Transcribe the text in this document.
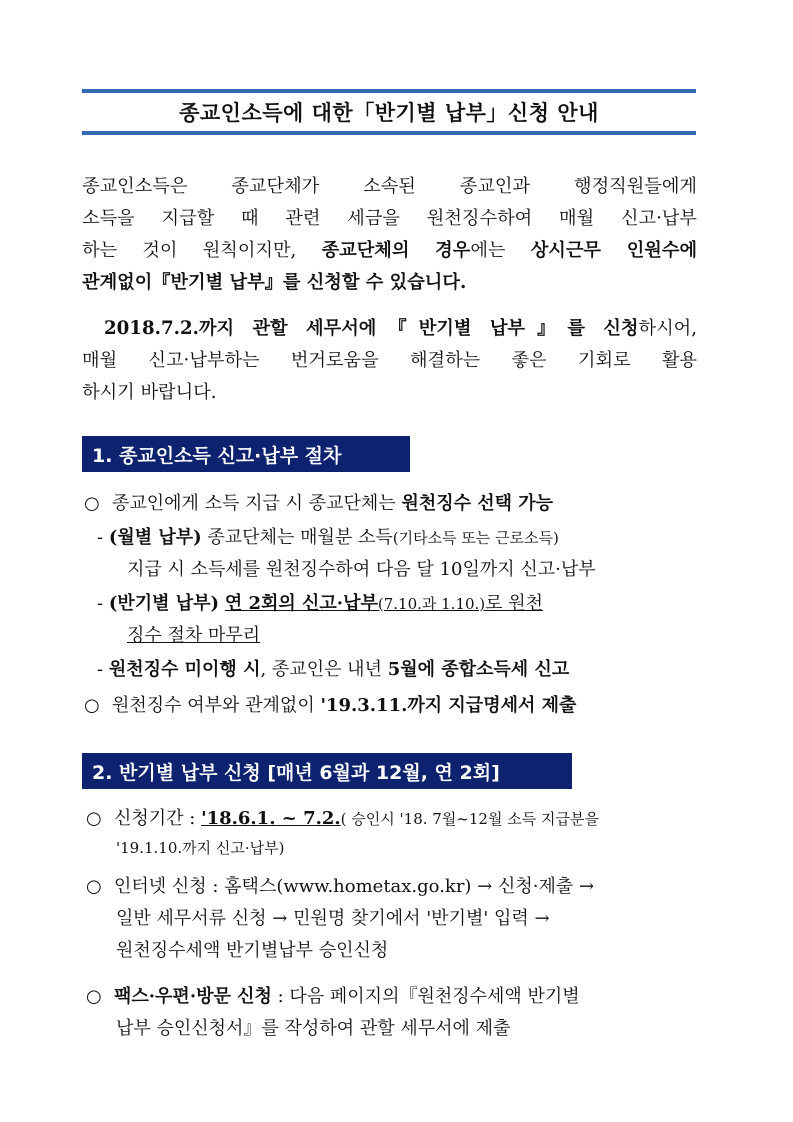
종교인소득에 대한「반기별 납부」신청 안내
종교인소득은 종교단체가 소속된 종교인과 행정직원들에게
소득을 지급할 때 관련 세금을 원천징수하여 매월 신고·납부
하는 것이 원칙이지만, 종교단체의 경우에는 상시근무 인원수에
관계없이『반기별 납부』를 신청할 수 있습니다.
2018.7.2.까지 관할 세무서에『반기별 납부』를 신청하시어,
매월 신고·납부하는 번거로움을 해결하는 좋은 기회로 활용
하시기 바랍니다.
1. 종교인소득 신고·납부 절차
○ 종교인에게 소득 지급 시 종교단체는 원천징수 선택 가능
- (월별 납부) 종교단체는 매월분 소득(기타소득 또는 근로소득)
지급 시 소득세를 원천징수하여 다음 달 10일까지 신고·납부
- (반기별 납부) 연 2회의 신고·납부(7.10.과 1.10.)로 원천
징수 절차 마무리
- 원천징수 미이행 시, 종교인은 내년 5월에 종합소득세 신고
○ 원천징수 여부와 관계없이 '19.3.11.까지 지급명세서 제출
2. 반기별 납부 신청 [매년 6월과 12월, 연 2회]
○ 신청기간 : '18.6.1. ~ 7.2.( 승인시 '18. 7월~12월 소득 지급분을
'19.1.10.까지 신고·납부)
○ 인터넷 신청 : 홈택스(www.hometax.go.kr) → 신청·제출 →
일반 세무서류 신청 → 민원명 찾기에서 '반기별' 입력 →
원천징수세액 반기별납부 승인신청
○ 팩스·우편·방문 신청 : 다음 페이지의『원천징수세액 반기별
납부 승인신청서』를 작성하여 관할 세무서에 제출
